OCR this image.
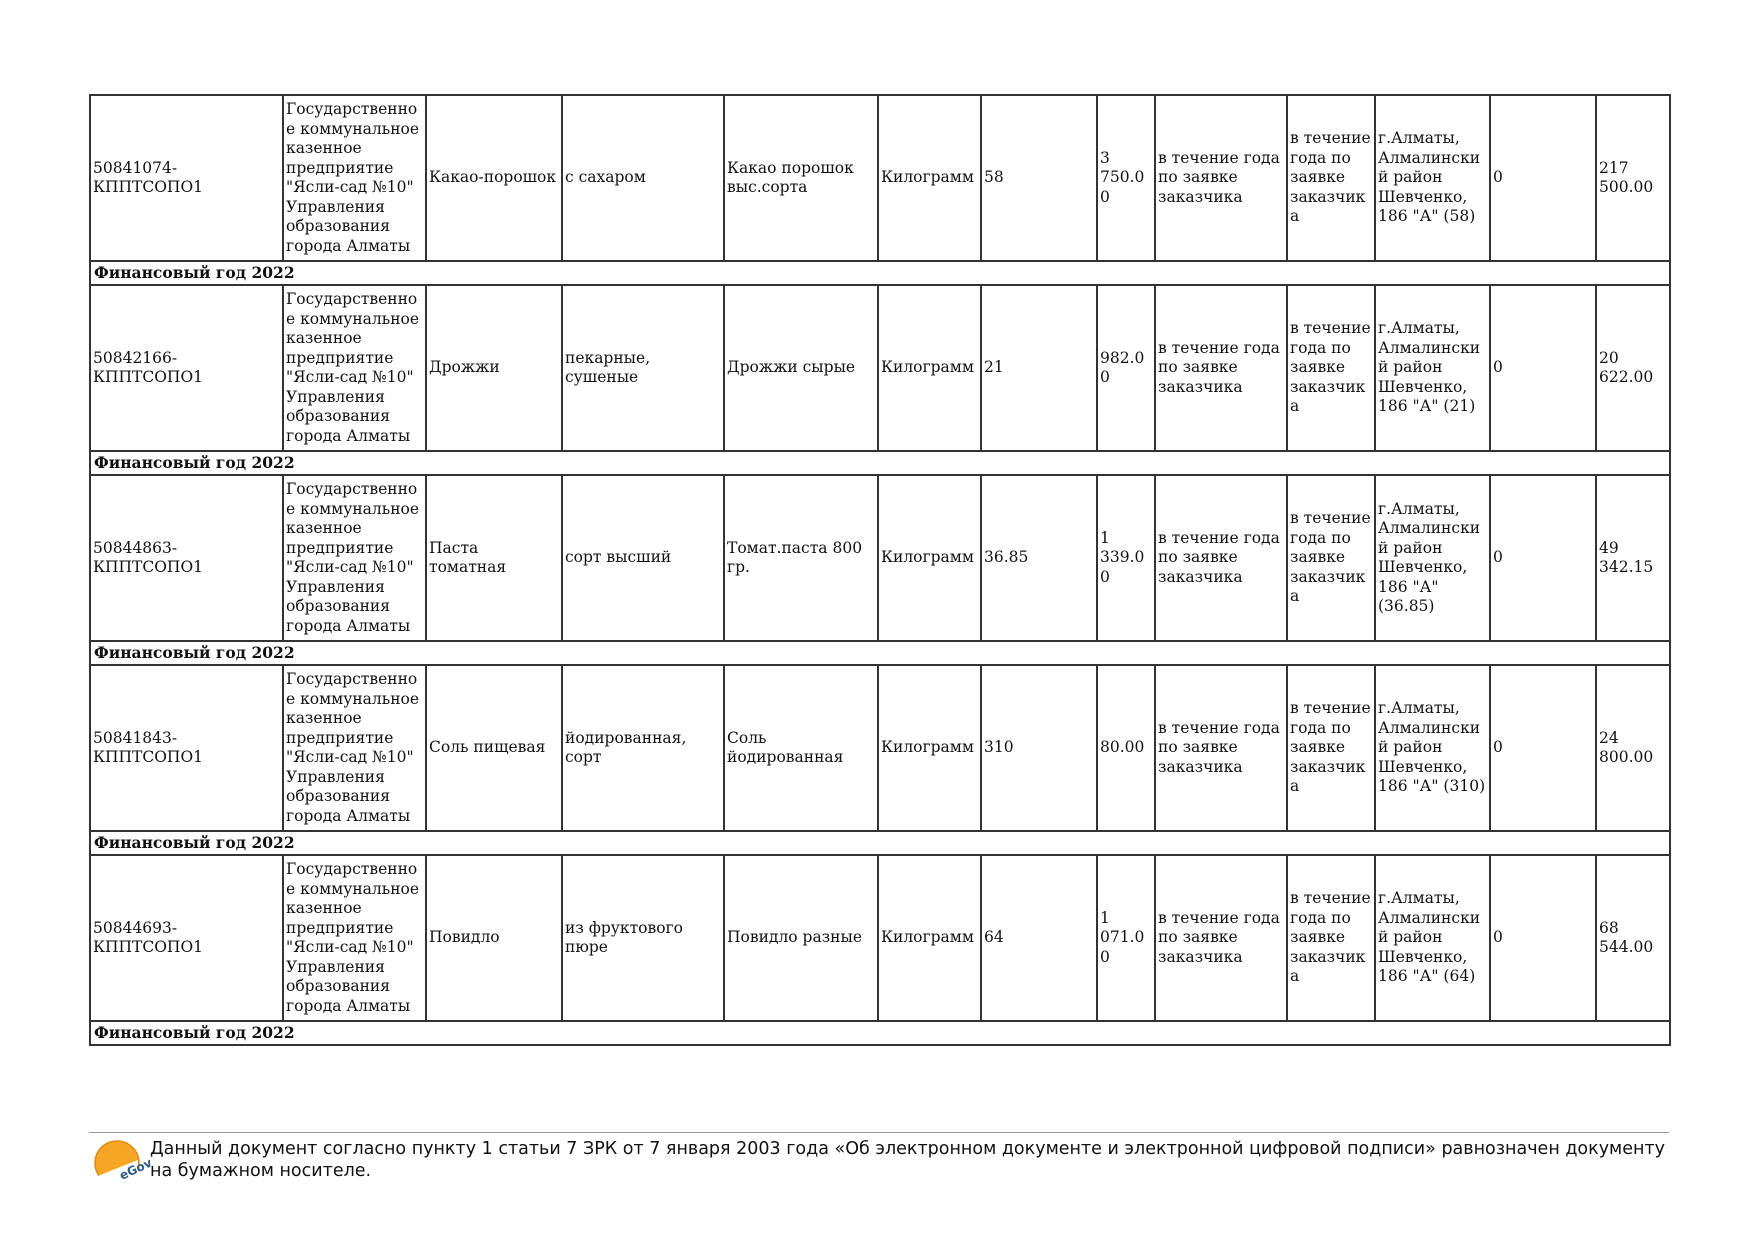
50841074-КППТСОПО1	Государственное коммунальное казенное предприятие "Ясли-сад №10" Управления образования города Алматы	Какао-порошок	с сахаром	Какао порошок выс.сорта	Килограмм	58	3 750.00	в течение года по заявке заказчика	в течение года по заявке заказчика	г.Алматы, Алмалинский район Шевченко, 186 "А" (58)	0	217 500.00
Финансовый год 2022												
50842166-КППТСОПО1	Государственное коммунальное казенное предприятие "Ясли-сад №10" Управления образования города Алматы	Дрожжи	пекарные, сушеные	Дрожжи сырые	Килограмм	21	982.00	в течение года по заявке заказчика	в течение года по заявке заказчика	г.Алматы, Алмалинский район Шевченко, 186 "А" (21)	0	20 622.00
Финансовый год 2022												
50844863-КППТСОПО1	Государственное коммунальное казенное предприятие "Ясли-сад №10" Управления образования города Алматы	Паста томатная	сорт высший	Томат.паста 800 гр.	Килограмм	36.85	1 339.00	в течение года по заявке заказчика	в течение года по заявке заказчика	г.Алматы, Алмалинский район Шевченко, 186 "А" (36.85)	0	49 342.15
Финансовый год 2022												
50841843-КППТСОПО1	Государственное коммунальное казенное предприятие "Ясли-сад №10" Управления образования города Алматы	Соль пищевая	йодированная, сорт	Соль йодированная	Килограмм	310	80.00	в течение года по заявке заказчика	в течение года по заявке заказчика	г.Алматы, Алмалинский район Шевченко, 186 "А" (310)	0	24 800.00
Финансовый год 2022												
50844693-КППТСОПО1	Государственное коммунальное казенное предприятие "Ясли-сад №10" Управления образования города Алматы	Повидло	из фруктового пюре	Повидло разные	Килограмм	64	1 071.00	в течение года по заявке заказчика	в течение года по заявке заказчика	г.Алматы, Алмалинский район Шевченко, 186 "А" (64)	0	68 544.00
Финансовый год 2022												
eGov
Данный документ согласно пункту 1 статьи 7 ЗРК от 7 января 2003 года «Об электронном документе и электронной цифровой подписи» равнозначен документу на бумажном носителе.
